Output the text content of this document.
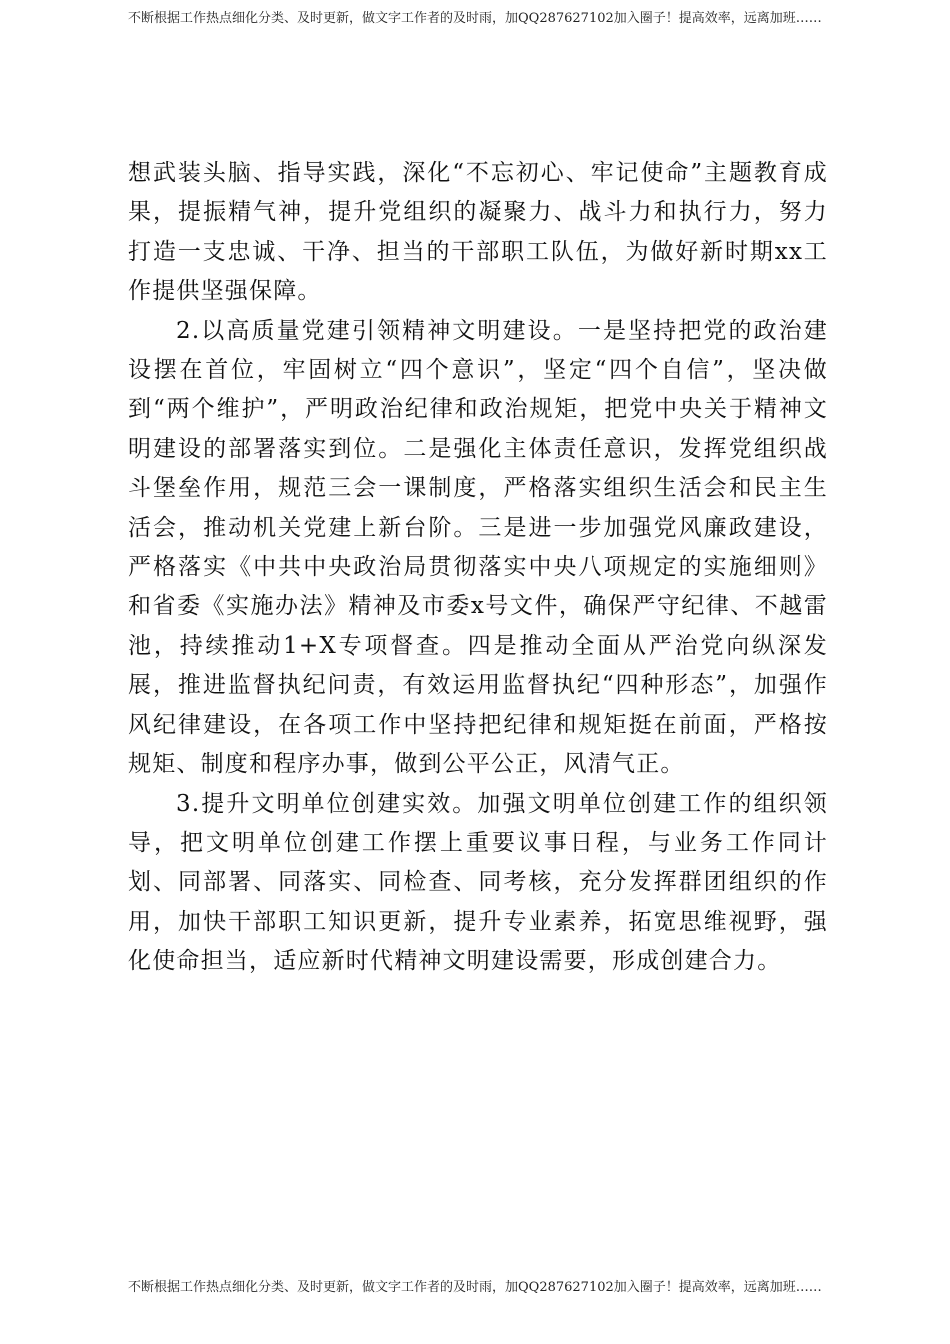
不断根据工作热点细化分类、及时更新，做文字工作者的及时雨，加QQ287627102加入圈子！提高效率，远离加班……

想武装头脑、指导实践，深化“不忘初心、牢记使命”主题教育成果，提振精气神，提升党组织的凝聚力、战斗力和执行力，努力打造一支忠诚、干净、担当的干部职工队伍，为做好新时期xx工作提供坚强保障。

2.以高质量党建引领精神文明建设。一是坚持把党的政治建设摆在首位，牢固树立“四个意识”，坚定“四个自信”，坚决做到“两个维护”，严明政治纪律和政治规矩，把党中央关于精神文明建设的部署落实到位。二是强化主体责任意识，发挥党组织战斗堡垒作用，规范三会一课制度，严格落实组织生活会和民主生活会，推动机关党建上新台阶。三是进一步加强党风廉政建设，严格落实《中共中央政治局贯彻落实中央八项规定的实施细则》和省委《实施办法》精神及市委x号文件，确保严守纪律、不越雷池，持续推动1+X专项督查。四是推动全面从严治党向纵深发展，推进监督执纪问责，有效运用监督执纪“四种形态”，加强作风纪律建设，在各项工作中坚持把纪律和规矩挺在前面，严格按规矩、制度和程序办事，做到公平公正，风清气正。

3.提升文明单位创建实效。加强文明单位创建工作的组织领导，把文明单位创建工作摆上重要议事日程，与业务工作同计划、同部署、同落实、同检查、同考核，充分发挥群团组织的作用，加快干部职工知识更新，提升专业素养，拓宽思维视野，强化使命担当，适应新时代精神文明建设需要，形成创建合力。

不断根据工作热点细化分类、及时更新，做文字工作者的及时雨，加QQ287627102加入圈子！提高效率，远离加班……
